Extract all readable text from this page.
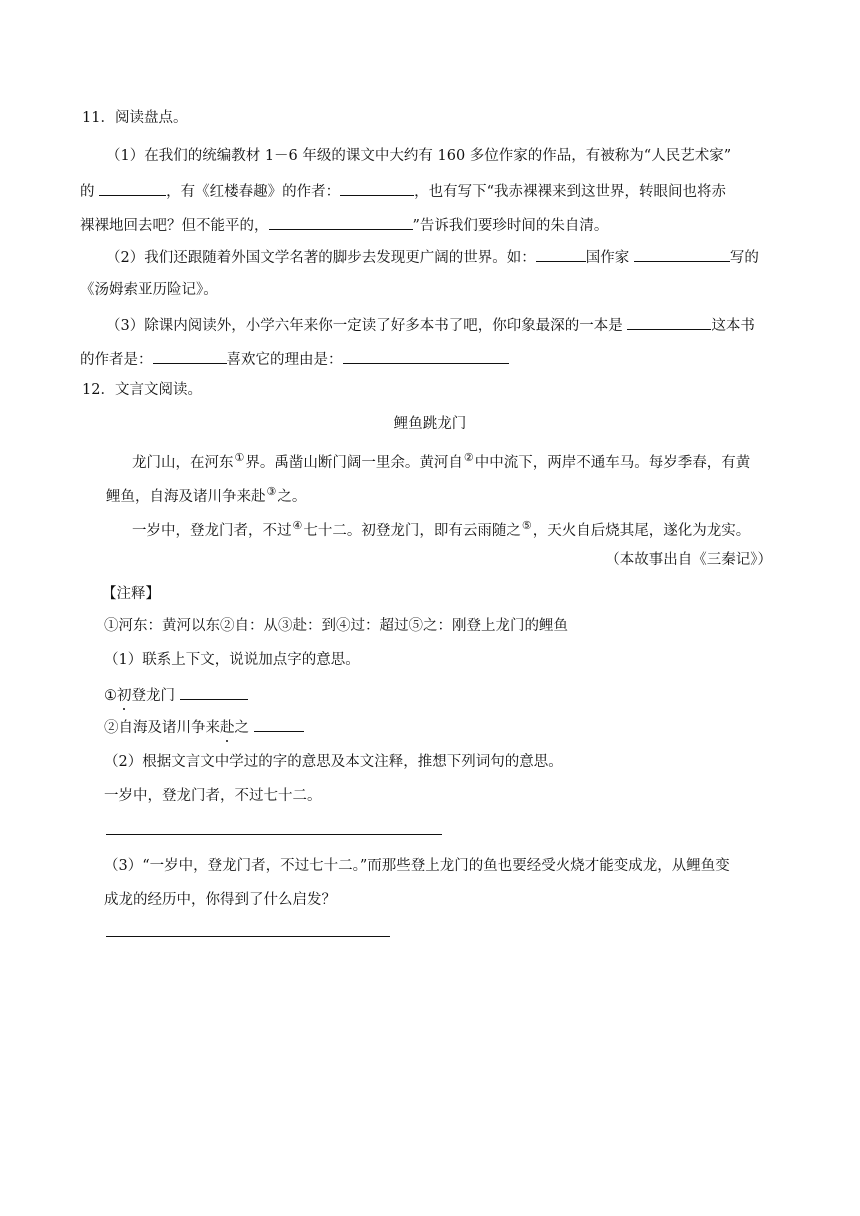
11．阅读盘点。
（1）在我们的统编教材 1－6 年级的课文中大约有 160 多位作家的作品，有被称为“人民艺术家”
的	，有《红楼春趣》的作者：	，也有写下“我赤裸裸来到这世界，转眼间也将赤
裸裸地回去吧？但不能平的，	”告诉我们要珍时间的朱自清。
（2）我们还跟随着外国文学名著的脚步去发现更广阔的世界。如：	国作家	写的
《汤姆索亚历险记》。
（3）除课内阅读外，小学六年来你一定读了好多本书了吧，你印象最深的一本是	这本书
的作者是：	喜欢它的理由是：
12．文言文阅读。
鲤鱼跳龙门
龙门山，在河东①界。禹凿山断门阔一里余。黄河自②中中流下，两岸不通车马。每岁季春，有黄
鲤鱼，自海及诸川争来赴③之。
一岁中，登龙门者，不过④七十二。初登龙门，即有云雨随之⑤，天火自后烧其尾，遂化为龙实。
（本故事出自《三秦记》）
【注释】
①河东：黄河以东②自：从③赴：到④过：超过⑤之：刚登上龙门的鲤鱼
（1）联系上下文，说说加点字的意思。
①初登龙门
②自海及诸川争来赴之
（2）根据文言文中学过的字的意思及本文注释，推想下列词句的意思。
一岁中，登龙门者，不过七十二。
（3）“一岁中，登龙门者，不过七十二。”而那些登上龙门的鱼也要经受火烧才能变成龙，从鲤鱼变
成龙的经历中，你得到了什么启发？
